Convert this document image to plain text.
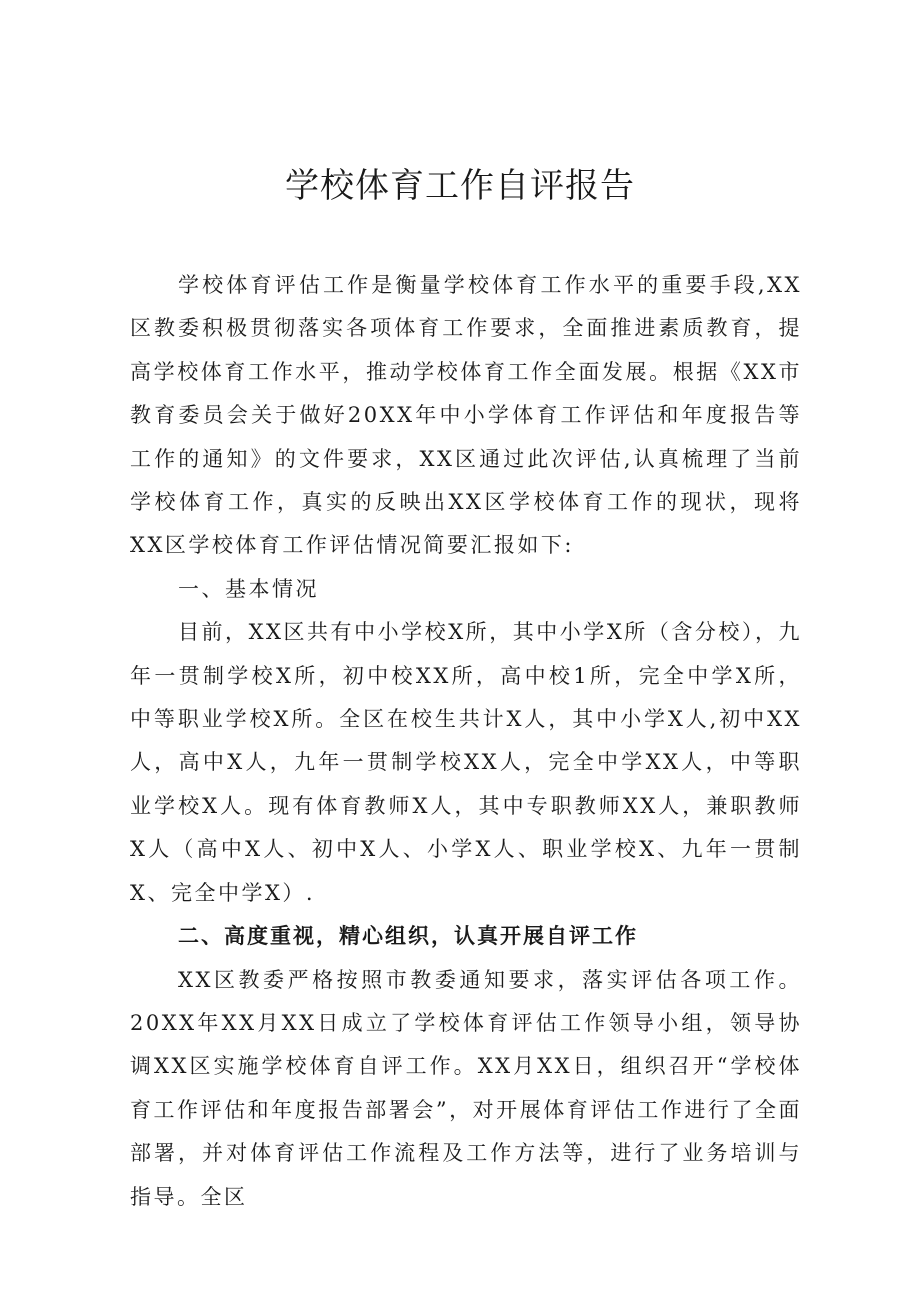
学校体育工作自评报告

学校体育评估工作是衡量学校体育工作水平的重要手段,XX区教委积极贯彻落实各项体育工作要求，全面推进素质教育，提高学校体育工作水平，推动学校体育工作全面发展。根据《XX市教育委员会关于做好20XX年中小学体育工作评估和年度报告等工作的通知》的文件要求，XX区通过此次评估,认真梳理了当前学校体育工作，真实的反映出XX区学校体育工作的现状，现将XX区学校体育工作评估情况简要汇报如下:

一、基本情况

目前，XX区共有中小学校X所，其中小学X所（含分校），九年一贯制学校X所，初中校XX所，高中校1所，完全中学X所，中等职业学校X所。全区在校生共计X人，其中小学X人,初中XX人，高中X人，九年一贯制学校XX人，完全中学XX人，中等职业学校X人。现有体育教师X人，其中专职教师XX人，兼职教师X人（高中X人、初中X人、小学X人、职业学校X、九年一贯制X、完全中学X）.

二、高度重视，精心组织，认真开展自评工作

XX区教委严格按照市教委通知要求，落实评估各项工作。20XX年XX月XX日成立了学校体育评估工作领导小组，领导协调XX区实施学校体育自评工作。XX月XX日，组织召开“学校体育工作评估和年度报告部署会”，对开展体育评估工作进行了全面部署，并对体育评估工作流程及工作方法等，进行了业务培训与指导。全区
